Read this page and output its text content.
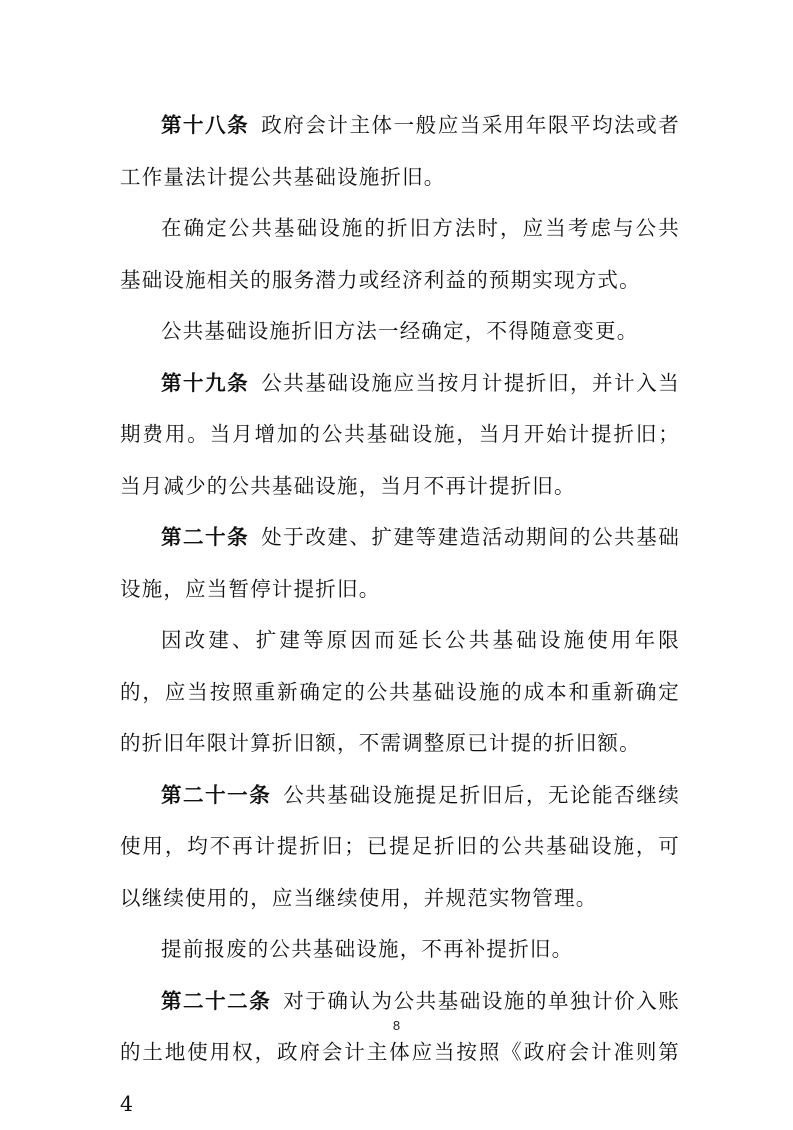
第十八条 政府会计主体一般应当采用年限平均法或者工作量法计提公共基础设施折旧。

在确定公共基础设施的折旧方法时，应当考虑与公共基础设施相关的服务潜力或经济利益的预期实现方式。

公共基础设施折旧方法一经确定，不得随意变更。

第十九条 公共基础设施应当按月计提折旧，并计入当期费用。当月增加的公共基础设施，当月开始计提折旧；当月减少的公共基础设施，当月不再计提折旧。

第二十条 处于改建、扩建等建造活动期间的公共基础设施，应当暂停计提折旧。

因改建、扩建等原因而延长公共基础设施使用年限的，应当按照重新确定的公共基础设施的成本和重新确定的折旧年限计算折旧额，不需调整原已计提的折旧额。

第二十一条 公共基础设施提足折旧后，无论能否继续使用，均不再计提折旧；已提足折旧的公共基础设施，可以继续使用的，应当继续使用，并规范实物管理。

提前报废的公共基础设施，不再补提折旧。

第二十二条 对于确认为公共基础设施的单独计价入账的土地使用权，政府会计主体应当按照《政府会计准则第 4

8
